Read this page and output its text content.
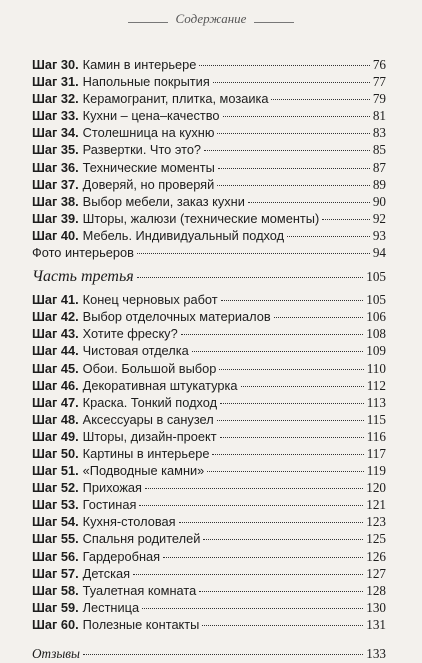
Содержание
Шаг 30. Камин в интерьере	76
Шаг 31. Напольные покрытия	77
Шаг 32. Керамогранит, плитка, мозаика	79
Шаг 33. Кухни – цена–качество	81
Шаг 34. Столешница на кухню	83
Шаг 35. Развертки. Что это?	85
Шаг 36. Технические моменты	87
Шаг 37. Доверяй, но проверяй	89
Шаг 38. Выбор мебели, заказ кухни	90
Шаг 39. Шторы, жалюзи (технические моменты)	92
Шаг 40. Мебель. Индивидуальный подход	93
Фото интерьеров	94
Часть третья	105
Шаг 41. Конец черновых работ	105
Шаг 42. Выбор отделочных материалов	106
Шаг 43. Хотите фреску?	108
Шаг 44. Чистовая отделка	109
Шаг 45. Обои. Большой выбор	110
Шаг 46. Декоративная штукатурка	112
Шаг 47. Краска. Тонкий подход	113
Шаг 48. Аксессуары в санузел	115
Шаг 49. Шторы, дизайн-проект	116
Шаг 50. Картины в интерьере	117
Шаг 51. «Подводные камни»	119
Шаг 52. Прихожая	120
Шаг 53. Гостиная	121
Шаг 54. Кухня-столовая	123
Шаг 55. Спальня родителей	125
Шаг 56. Гардеробная	126
Шаг 57. Детская	127
Шаг 58. Туалетная комната	128
Шаг 59. Лестница	130
Шаг 60. Полезные контакты	131
Отзывы	133
